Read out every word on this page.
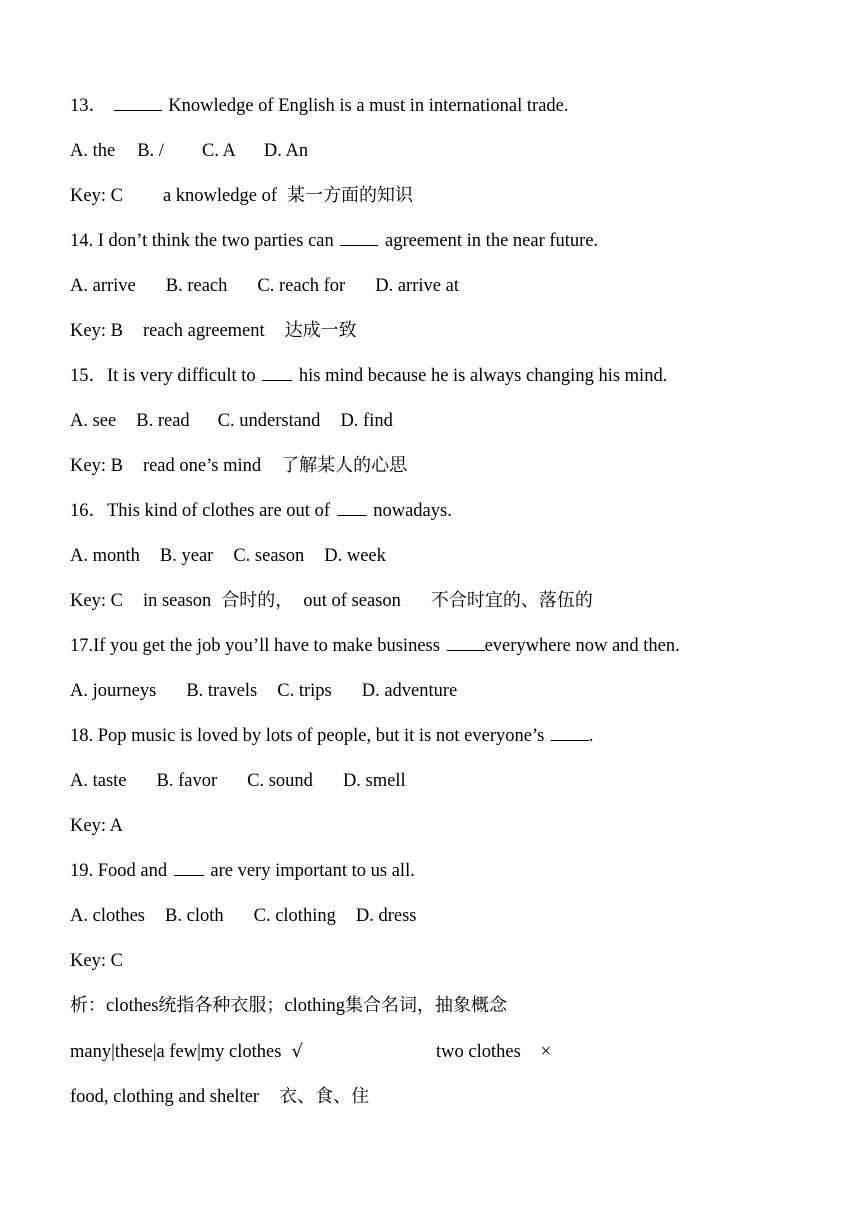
13．	Knowledge of English is a must in international trade.
A. the B. / C. A D. An
Key: C a knowledge of 某一方面的知识
14. I don’t think the two parties can  agreement in the near future.
A. arrive B. reach C. reach for D. arrive at
Key: B reach agreement 达成一致
15．It is very difficult to  his mind because he is always changing his mind.
A. see B. read C. understand D. find
Key: B read one’s mind 了解某人的心思
16．This kind of clothes are out of  nowadays.
A. month B. year C. season D. week
Key: C in season 合时的， out of season 不合时宜的、落伍的
17.If you get the job you’ll have to make business everywhere now and then.
A. journeys B. travels C. trips D. adventure
18. Pop music is loved by lots of people, but it is not everyone’s .
A. taste B. favor C. sound D. smell
Key: A
19. Food and  are very important to us all.
A. clothes B. cloth C. clothing D. dress
Key: C
析：clothes统指各种衣服；clothing集合名词，抽象概念
many|these|a few|my clothes √	two clothes ×
food, clothing and shelter 衣、食、住
